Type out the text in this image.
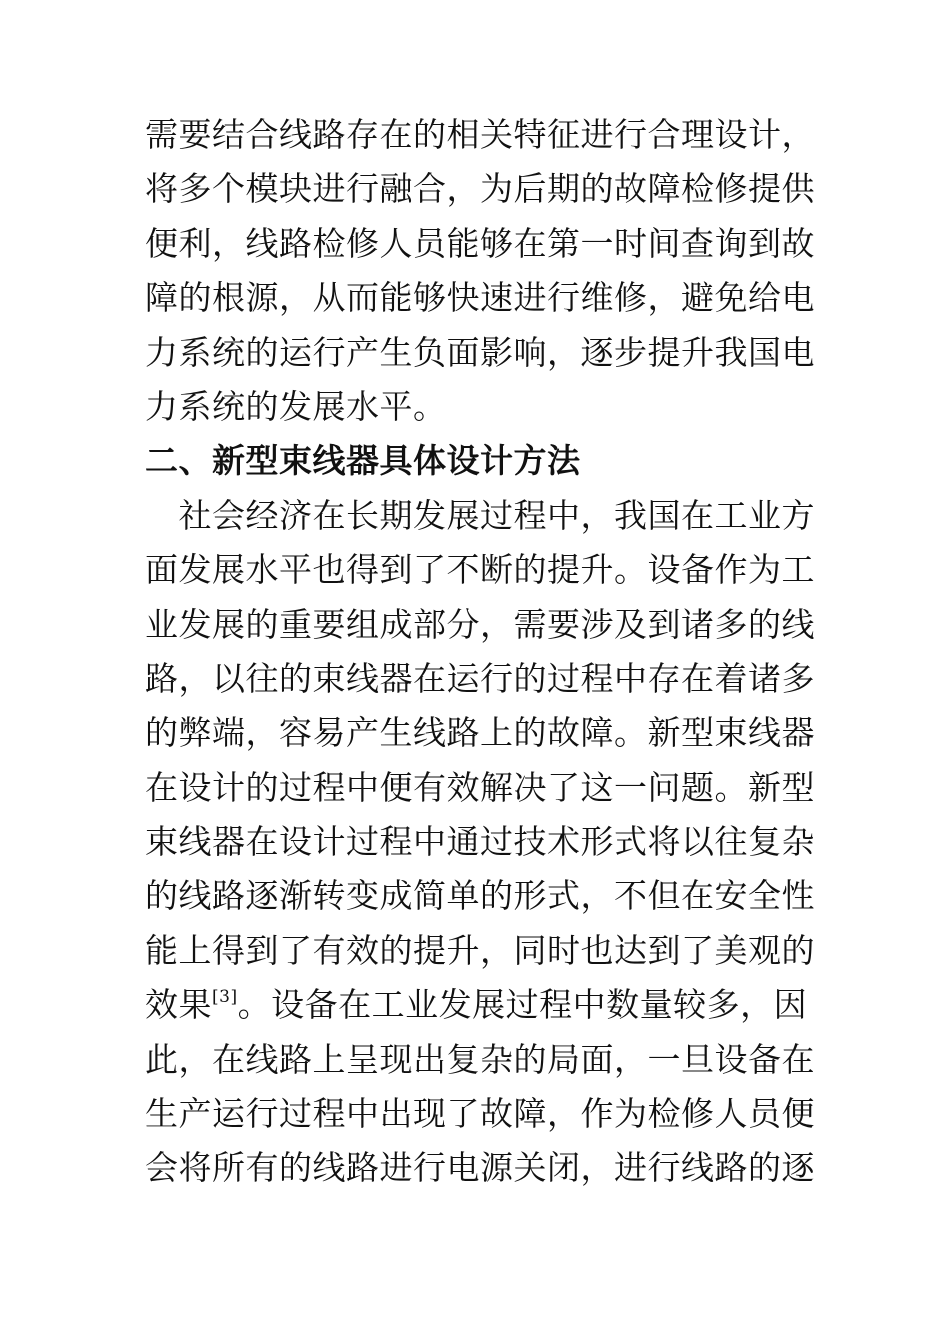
需要结合线路存在的相关特征进行合理设计，
将多个模块进行融合，为后期的故障检修提供
便利，线路检修人员能够在第一时间查询到故
障的根源，从而能够快速进行维修，避免给电
力系统的运行产生负面影响，逐步提升我国电
力系统的发展水平。
二、新型束线器具体设计方法
　社会经济在长期发展过程中，我国在工业方
面发展水平也得到了不断的提升。设备作为工
业发展的重要组成部分，需要涉及到诸多的线
路，以往的束线器在运行的过程中存在着诸多
的弊端，容易产生线路上的故障。新型束线器
在设计的过程中便有效解决了这一问题。新型
束线器在设计过程中通过技术形式将以往复杂
的线路逐渐转变成简单的形式，不但在安全性
能上得到了有效的提升，同时也达到了美观的
效果[3]。设备在工业发展过程中数量较多，因
此，在线路上呈现出复杂的局面，一旦设备在
生产运行过程中出现了故障，作为检修人员便
会将所有的线路进行电源关闭，进行线路的逐
